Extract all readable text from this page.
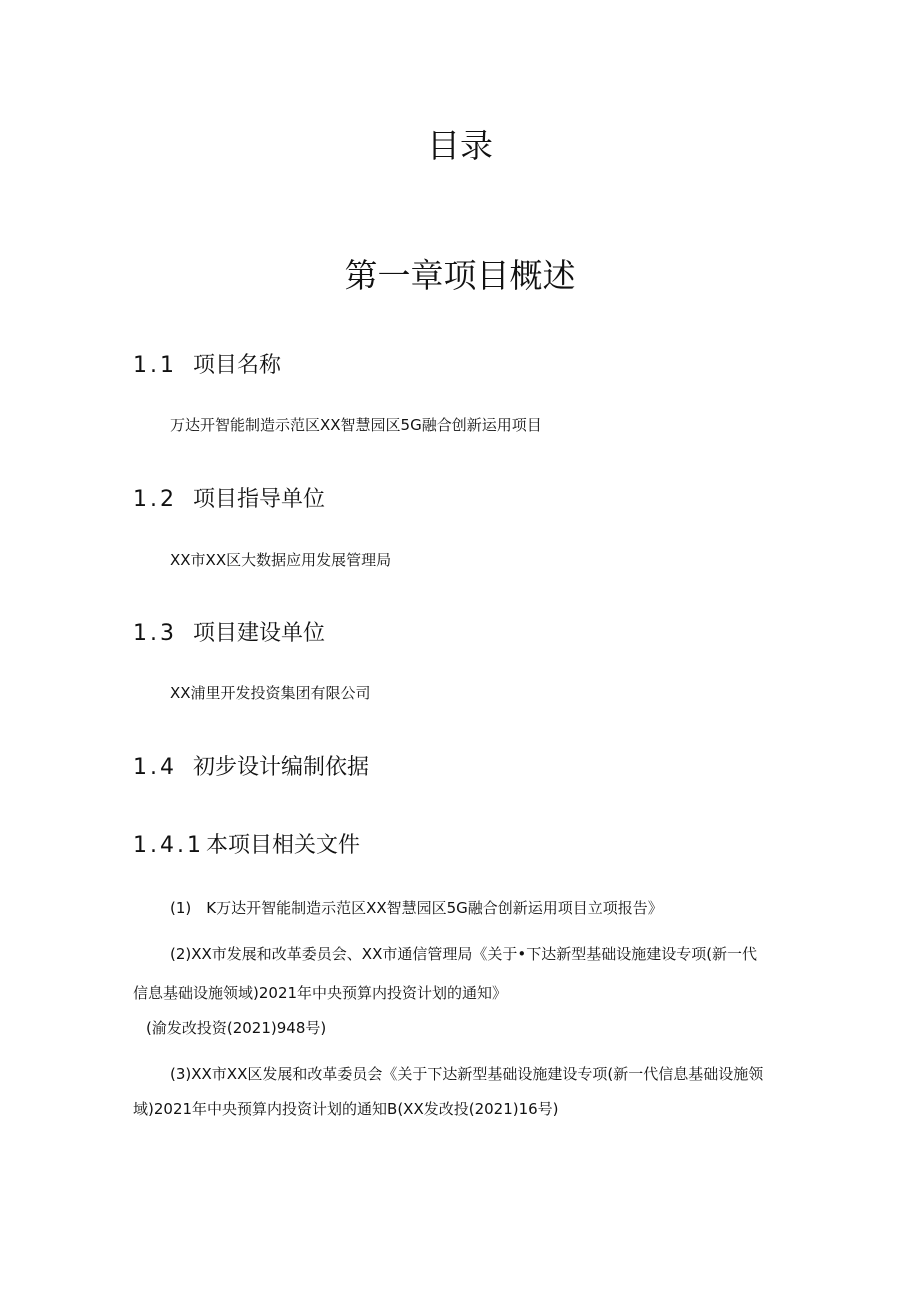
目录
第一章项目概述
1.1 项目名称
万达开智能制造示范区XX智慧园区5G融合创新运用项目
1.2 项目指导单位
XX市XX区大数据应用发展管理局
1.3 项目建设单位
XX浦里开发投资集团有限公司
1.4 初步设计编制依据
1.4.1本项目相关文件
(1)　K万达开智能制造示范区XX智慧园区5G融合创新运用项目立项报告》
(2)XX市发展和改革委员会、XX市通信管理局《关于•下达新型基础设施建设专项(新一代
信息基础设施领域)2021年中央预算内投资计划的通知》
(渝发改投资(2021)948号)
(3)XX市XX区发展和改革委员会《关于下达新型基础设施建设专项(新一代信息基础设施领
域)2021年中央预算内投资计划的通知B(XX发改投(2021)16号)
